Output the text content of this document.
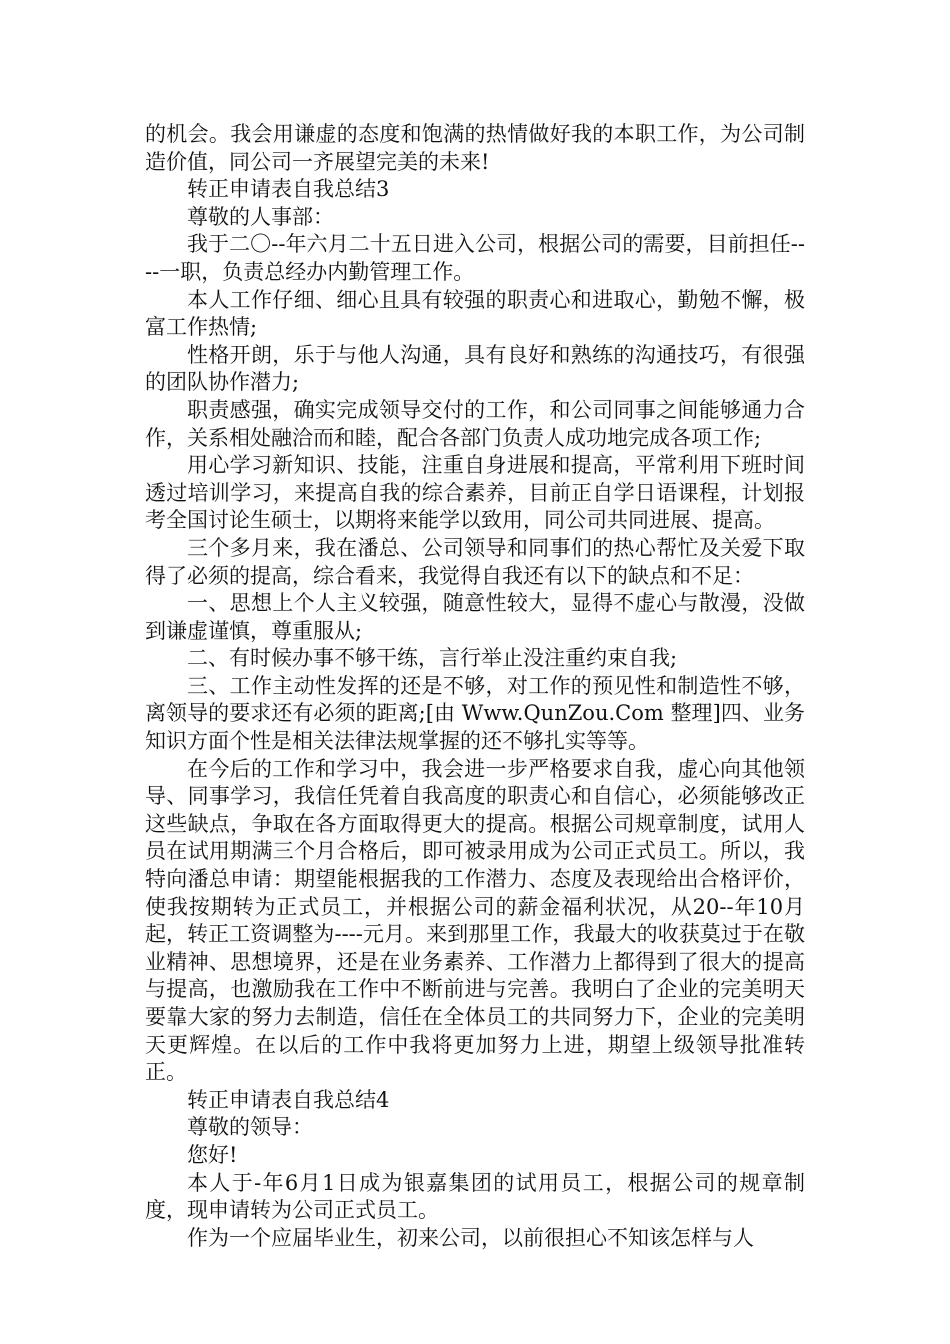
的机会。我会用谦虚的态度和饱满的热情做好我的本职工作，为公司制造价值，同公司一齐展望完美的未来!

转正申请表自我总结3

尊敬的人事部：

我于二〇--年六月二十五日进入公司，根据公司的需要，目前担任----一职，负责总经办内勤管理工作。

本人工作仔细、细心且具有较强的职责心和进取心，勤勉不懈，极富工作热情;

性格开朗，乐于与他人沟通，具有良好和熟练的沟通技巧，有很强的团队协作潜力;

职责感强，确实完成领导交付的工作，和公司同事之间能够通力合作，关系相处融洽而和睦，配合各部门负责人成功地完成各项工作;

用心学习新知识、技能，注重自身进展和提高，平常利用下班时间透过培训学习，来提高自我的综合素养，目前正自学日语课程，计划报考全国讨论生硕士，以期将来能学以致用，同公司共同进展、提高。

三个多月来，我在潘总、公司领导和同事们的热心帮忙及关爱下取得了必须的提高，综合看来，我觉得自我还有以下的缺点和不足：

一、思想上个人主义较强，随意性较大，显得不虚心与散漫，没做到谦虚谨慎，尊重服从;

二、有时候办事不够干练，言行举止没注重约束自我;

三、工作主动性发挥的还是不够，对工作的预见性和制造性不够，离领导的要求还有必须的距离;[由 Www.QunZou.Com 整理]四、业务知识方面个性是相关法律法规掌握的还不够扎实等等。

在今后的工作和学习中，我会进一步严格要求自我，虚心向其他领导、同事学习，我信任凭着自我高度的职责心和自信心，必须能够改正这些缺点，争取在各方面取得更大的提高。根据公司规章制度，试用人员在试用期满三个月合格后，即可被录用成为公司正式员工。所以，我特向潘总申请：期望能根据我的工作潜力、态度及表现给出合格评价，使我按期转为正式员工，并根据公司的薪金福利状况，从20--年10月起，转正工资调整为----元月。来到那里工作，我最大的收获莫过于在敬业精神、思想境界，还是在业务素养、工作潜力上都得到了很大的提高与提高，也激励我在工作中不断前进与完善。我明白了企业的完美明天要靠大家的努力去制造，信任在全体员工的共同努力下，企业的完美明天更辉煌。在以后的工作中我将更加努力上进，期望上级领导批准转正。

转正申请表自我总结4

尊敬的领导：

您好!

本人于-年6月1日成为银嘉集团的试用员工，根据公司的规章制度，现申请转为公司正式员工。

作为一个应届毕业生，初来公司，以前很担心不知该怎样与人
